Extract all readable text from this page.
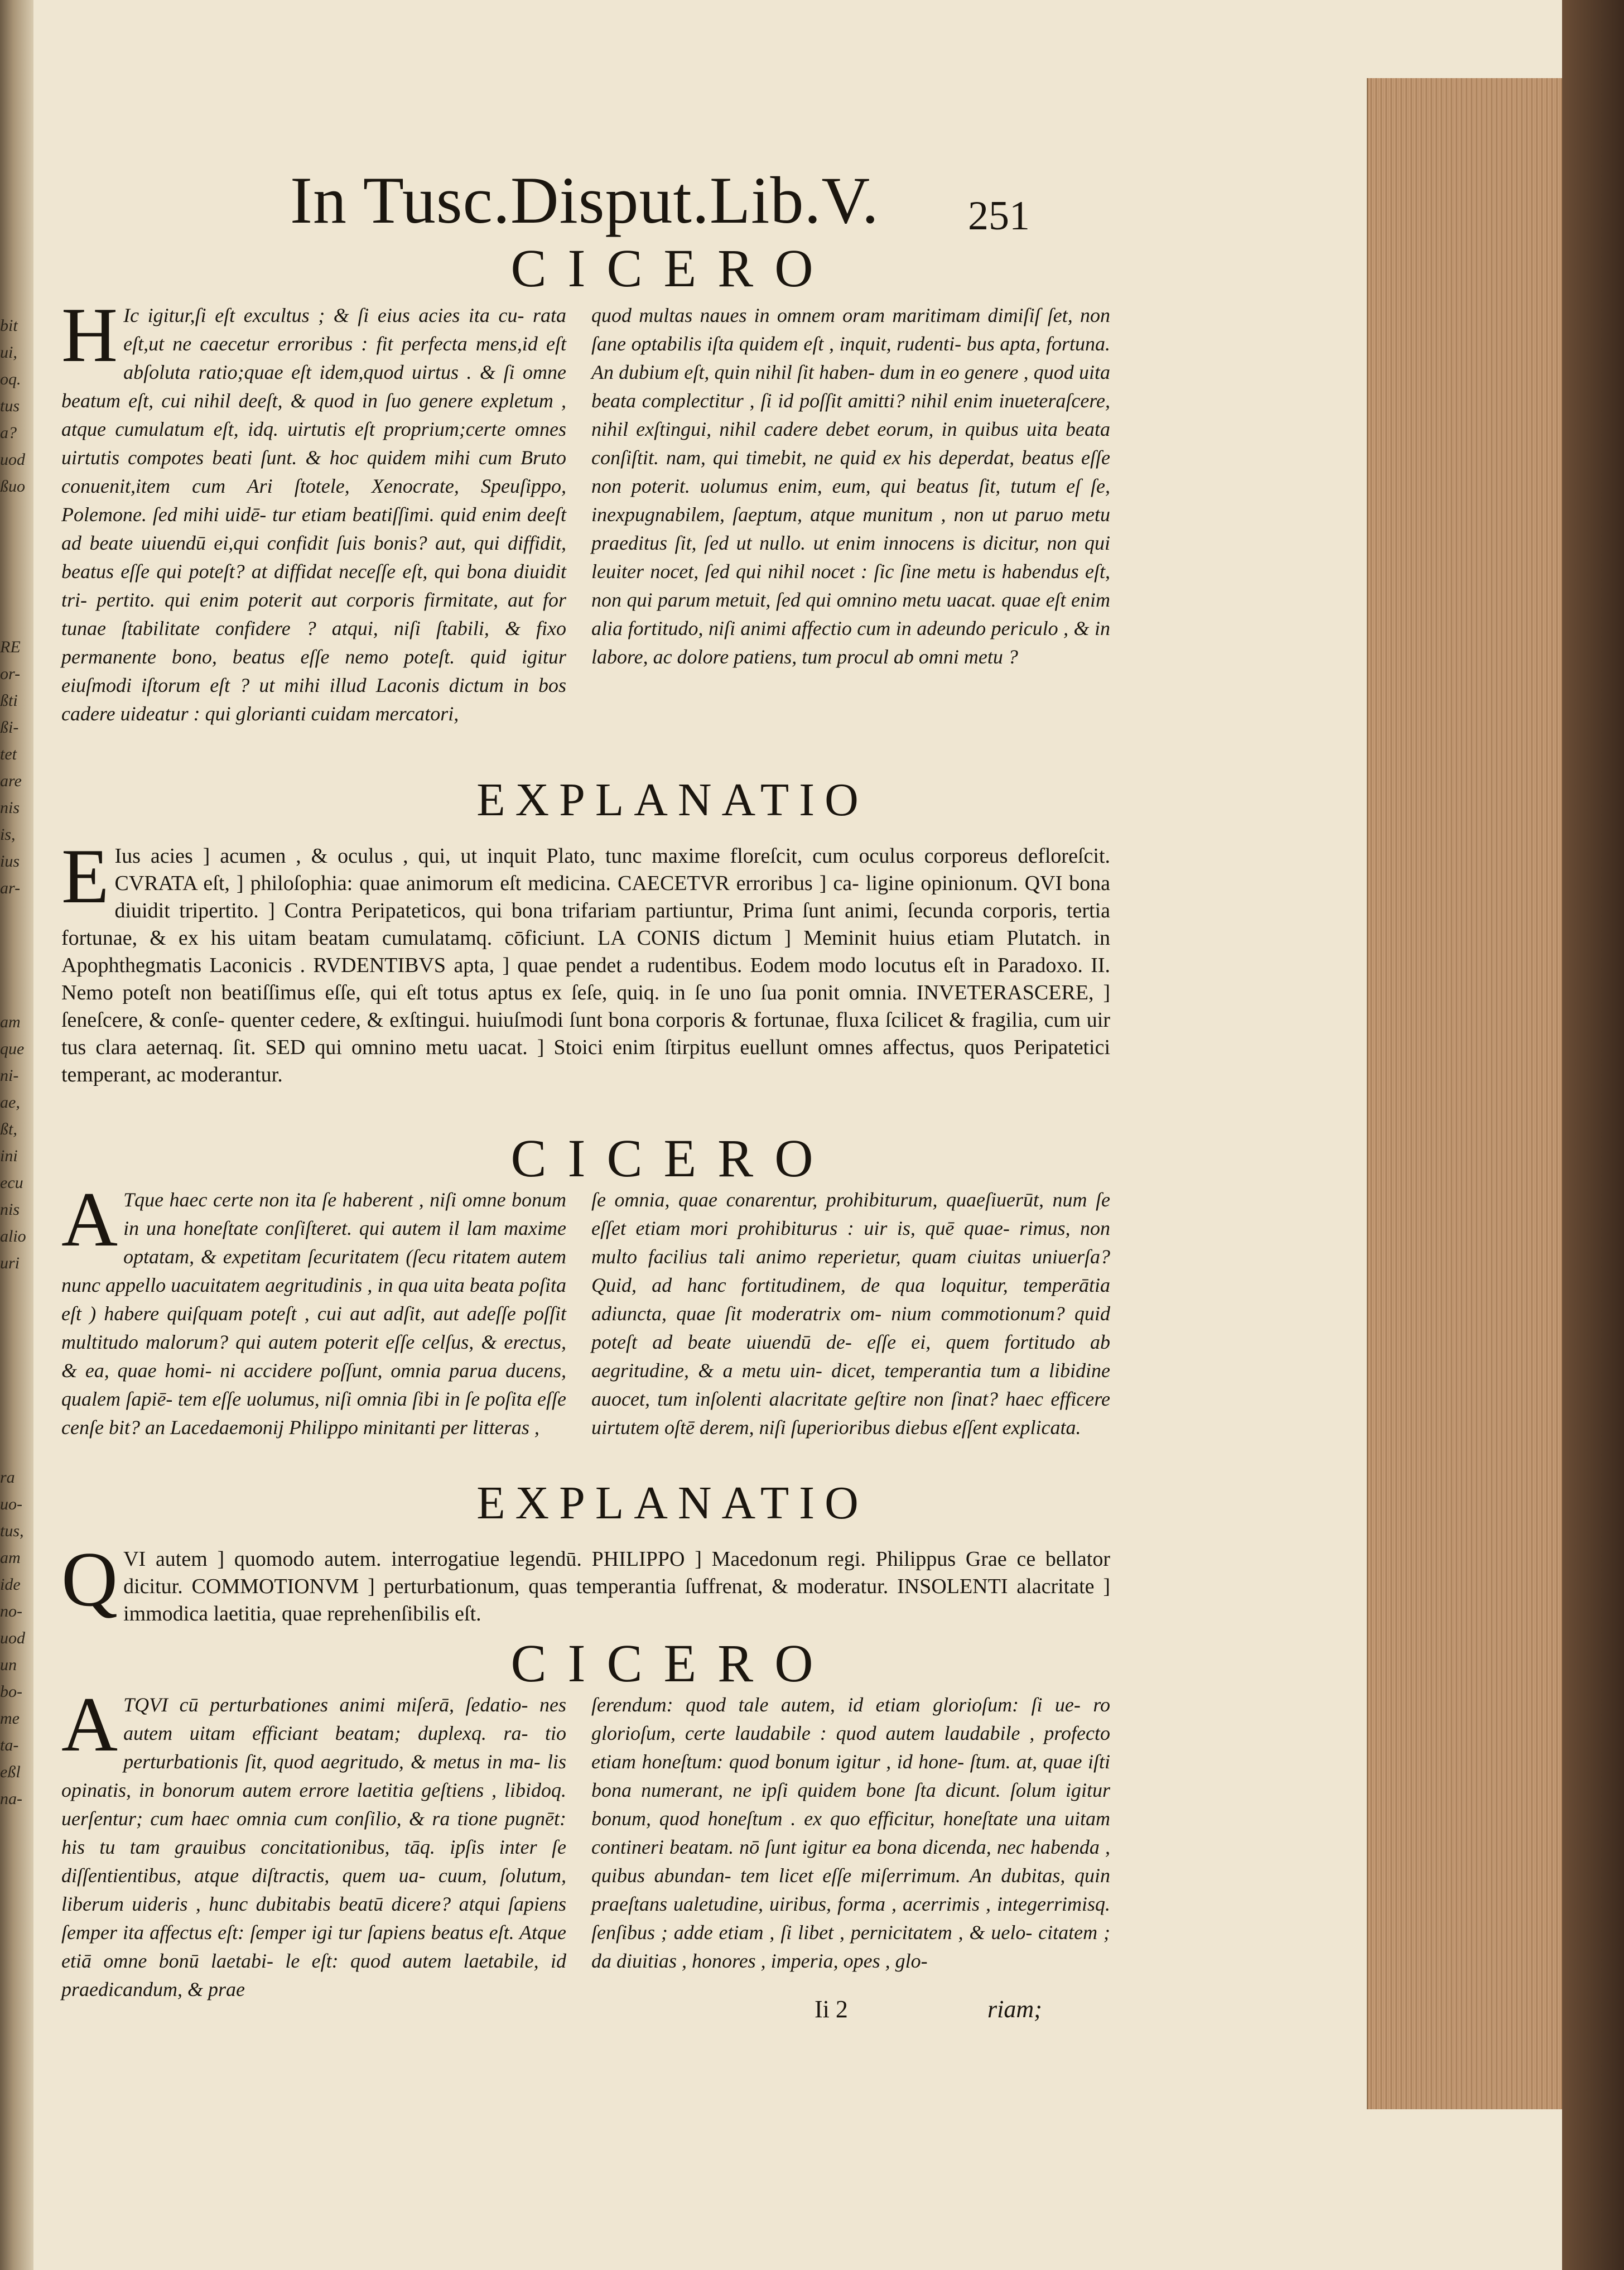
bit
ui,
oq.
tus
a?
uod
ßuo
RE
or-
ßti
ßi-
tet
are
nis
is,
ius
ar-
am
que
ni-
ae,
ßt,
ini
ecu
nis
alio
uri
ra
uo-
tus,
am
ide
no-
uod
un
bo-
me
ta-
eßl
na-
In Tusc.Disput.Lib.V.	251
CICERO
H Ic igitur,ſi eſt excultus ; & ſi eius acies ita cu- rata eſt,ut ne caecetur erroribus : fit perfecta mens,id eſt abſoluta ratio;quae eſt idem,quod uirtus . & ſi omne beatum eſt, cui nihil deeſt, & quod in ſuo genere expletum , atque cumulatum eſt, idq. uirtutis eſt proprium;certe omnes uirtutis compotes beati ſunt. & hoc quidem mihi cum Bruto conuenit,item cum Ari ſtotele, Xenocrate, Speuſippo, Polemone. ſed mihi uidē- tur etiam beatiſſimi. quid enim deeſt ad beate uiuendū ei,qui confidit ſuis bonis? aut, qui diffidit, beatus eſſe qui poteſt? at diffidat neceſſe eſt, qui bona diuidit tri- pertito. qui enim poterit aut corporis firmitate, aut for tunae ſtabilitate confidere ? atqui, niſi ſtabili, & fixo permanente bono, beatus eſſe nemo poteſt. quid igitur eiuſmodi iſtorum eſt ? ut mihi illud Laconis dictum in bos cadere uideatur : qui glorianti cuidam mercatori,

quod multas naues in omnem oram maritimam dimiſiſ ſet, non ſane optabilis iſta quidem eſt , inquit, rudenti- bus apta, fortuna. An dubium eſt, quin nihil ſit haben- dum in eo genere , quod uita beata complectitur , ſi id poſſit amitti? nihil enim inueteraſcere, nihil exſtingui, nihil cadere debet eorum, in quibus uita beata conſiſtit. nam, qui timebit, ne quid ex his deperdat, beatus eſſe non poterit. uolumus enim, eum, qui beatus ſit, tutum eſ ſe, inexpugnabilem, ſaeptum, atque munitum , non ut paruo metu praeditus ſit, ſed ut nullo. ut enim innocens is dicitur, non qui leuiter nocet, ſed qui nihil nocet : ſic ſine metu is habendus eſt, non qui parum metuit, ſed qui omnino metu uacat. quae eſt enim alia fortitudo, niſi animi affectio cum in adeundo periculo , & in labore, ac dolore patiens, tum procul ab omni metu ?

EXPLANATIO
E Ius acies ] acumen , & oculus , qui, ut inquit Plato, tunc maxime floreſcit, cum oculus corporeus defloreſcit. CVRATA eſt, ] philoſophia: quae animorum eſt medicina. CAECETVR erroribus ] ca- ligine opinionum. QVI bona diuidit tripertito. ] Contra Peripateticos, qui bona trifariam partiuntur, Prima ſunt animi, ſecunda corporis, tertia fortunae, & ex his uitam beatam cumulatamq. cōficiunt. LA CONIS dictum ] Meminit huius etiam Plutatch. in Apophthegmatis Laconicis . RVDENTIBVS apta, ] quae pendet a rudentibus. Eodem modo locutus eſt in Paradoxo. II. Nemo poteſt non beatiſſimus eſſe, qui eſt totus aptus ex ſeſe, quiq. in ſe uno ſua ponit omnia. INVETERASCERE, ] ſeneſcere, & conſe- quenter cedere, & exſtingui. huiuſmodi ſunt bona corporis & fortunae, fluxa ſcilicet & fragilia, cum uir tus clara aeternaq. ſit. SED qui omnino metu uacat. ] Stoici enim ſtirpitus euellunt omnes affectus, quos Peripatetici temperant, ac moderantur.

CICERO
A Tque haec certe non ita ſe haberent , niſi omne bonum in una honeſtate conſiſteret. qui autem il lam maxime optatam, & expetitam ſecuritatem (ſecu ritatem autem nunc appello uacuitatem aegritudinis , in qua uita beata poſita eſt ) habere quiſquam poteſt , cui aut adſit, aut adeſſe poſſit multitudo malorum? qui autem poterit eſſe celſus, & erectus, & ea, quae homi- ni accidere poſſunt, omnia parua ducens, qualem ſapiē- tem eſſe uolumus, niſi omnia ſibi in ſe poſita eſſe cenſe bit? an Lacedaemonij Philippo minitanti per litteras ,

ſe omnia, quae conarentur, prohibiturum, quaeſiuerūt, num ſe eſſet etiam mori prohibiturus : uir is, quē quae- rimus, non multo facilius tali animo reperietur, quam ciuitas uniuerſa? Quid, ad hanc fortitudinem, de qua loquitur, temperātia adiuncta, quae ſit moderatrix om- nium commotionum? quid poteſt ad beate uiuendū de- eſſe ei, quem fortitudo ab aegritudine, & a metu uin- dicet, temperantia tum a libidine auocet, tum inſolenti alacritate geſtire non ſinat? haec efficere uirtutem oſtē derem, niſi ſuperioribus diebus eſſent explicata.

EXPLANATIO
Q VI autem ] quomodo autem. interrogatiue legendū. PHILIPPO ] Macedonum regi. Philippus Grae ce bellator dicitur. COMMOTIONVM ] perturbationum, quas temperantia ſuffrenat, & moderatur. INSOLENTI alacritate ] immodica laetitia, quae reprehenſibilis eſt.

CICERO
A TQVI cū perturbationes animi miſerā, ſedatio- nes autem uitam efficiant beatam; duplexq. ra- tio perturbationis ſit, quod aegritudo, & metus in ma- lis opinatis, in bonorum autem errore laetitia geſtiens , libidoq. uerſentur; cum haec omnia cum conſilio, & ra tione pugnēt: his tu tam grauibus concitationibus, tāq. ipſis inter ſe diſſentientibus, atque diſtractis, quem ua- cuum, ſolutum, liberum uideris , hunc dubitabis beatū dicere? atqui ſapiens ſemper ita affectus eſt: ſemper igi tur ſapiens beatus eſt. Atque etiā omne bonū laetabi- le eſt: quod autem laetabile, id praedicandum, & prae

ſerendum: quod tale autem, id etiam glorioſum: ſi ue- ro glorioſum, certe laudabile : quod autem laudabile , profecto etiam honeſtum: quod bonum igitur , id hone- ſtum. at, quae iſti bona numerant, ne ipſi quidem bone ſta dicunt. ſolum igitur bonum, quod honeſtum . ex quo efficitur, honeſtate una uitam contineri beatam. nō ſunt igitur ea bona dicenda, nec habenda , quibus abundan- tem licet eſſe miſerrimum. An dubitas, quin praeſtans ualetudine, uiribus, forma , acerrimis , integerrimisq. ſenſibus ; adde etiam , ſi libet , pernicitatem , & uelo- citatem ; da diuitias , honores , imperia, opes , glo-

Ii 2	riam;
